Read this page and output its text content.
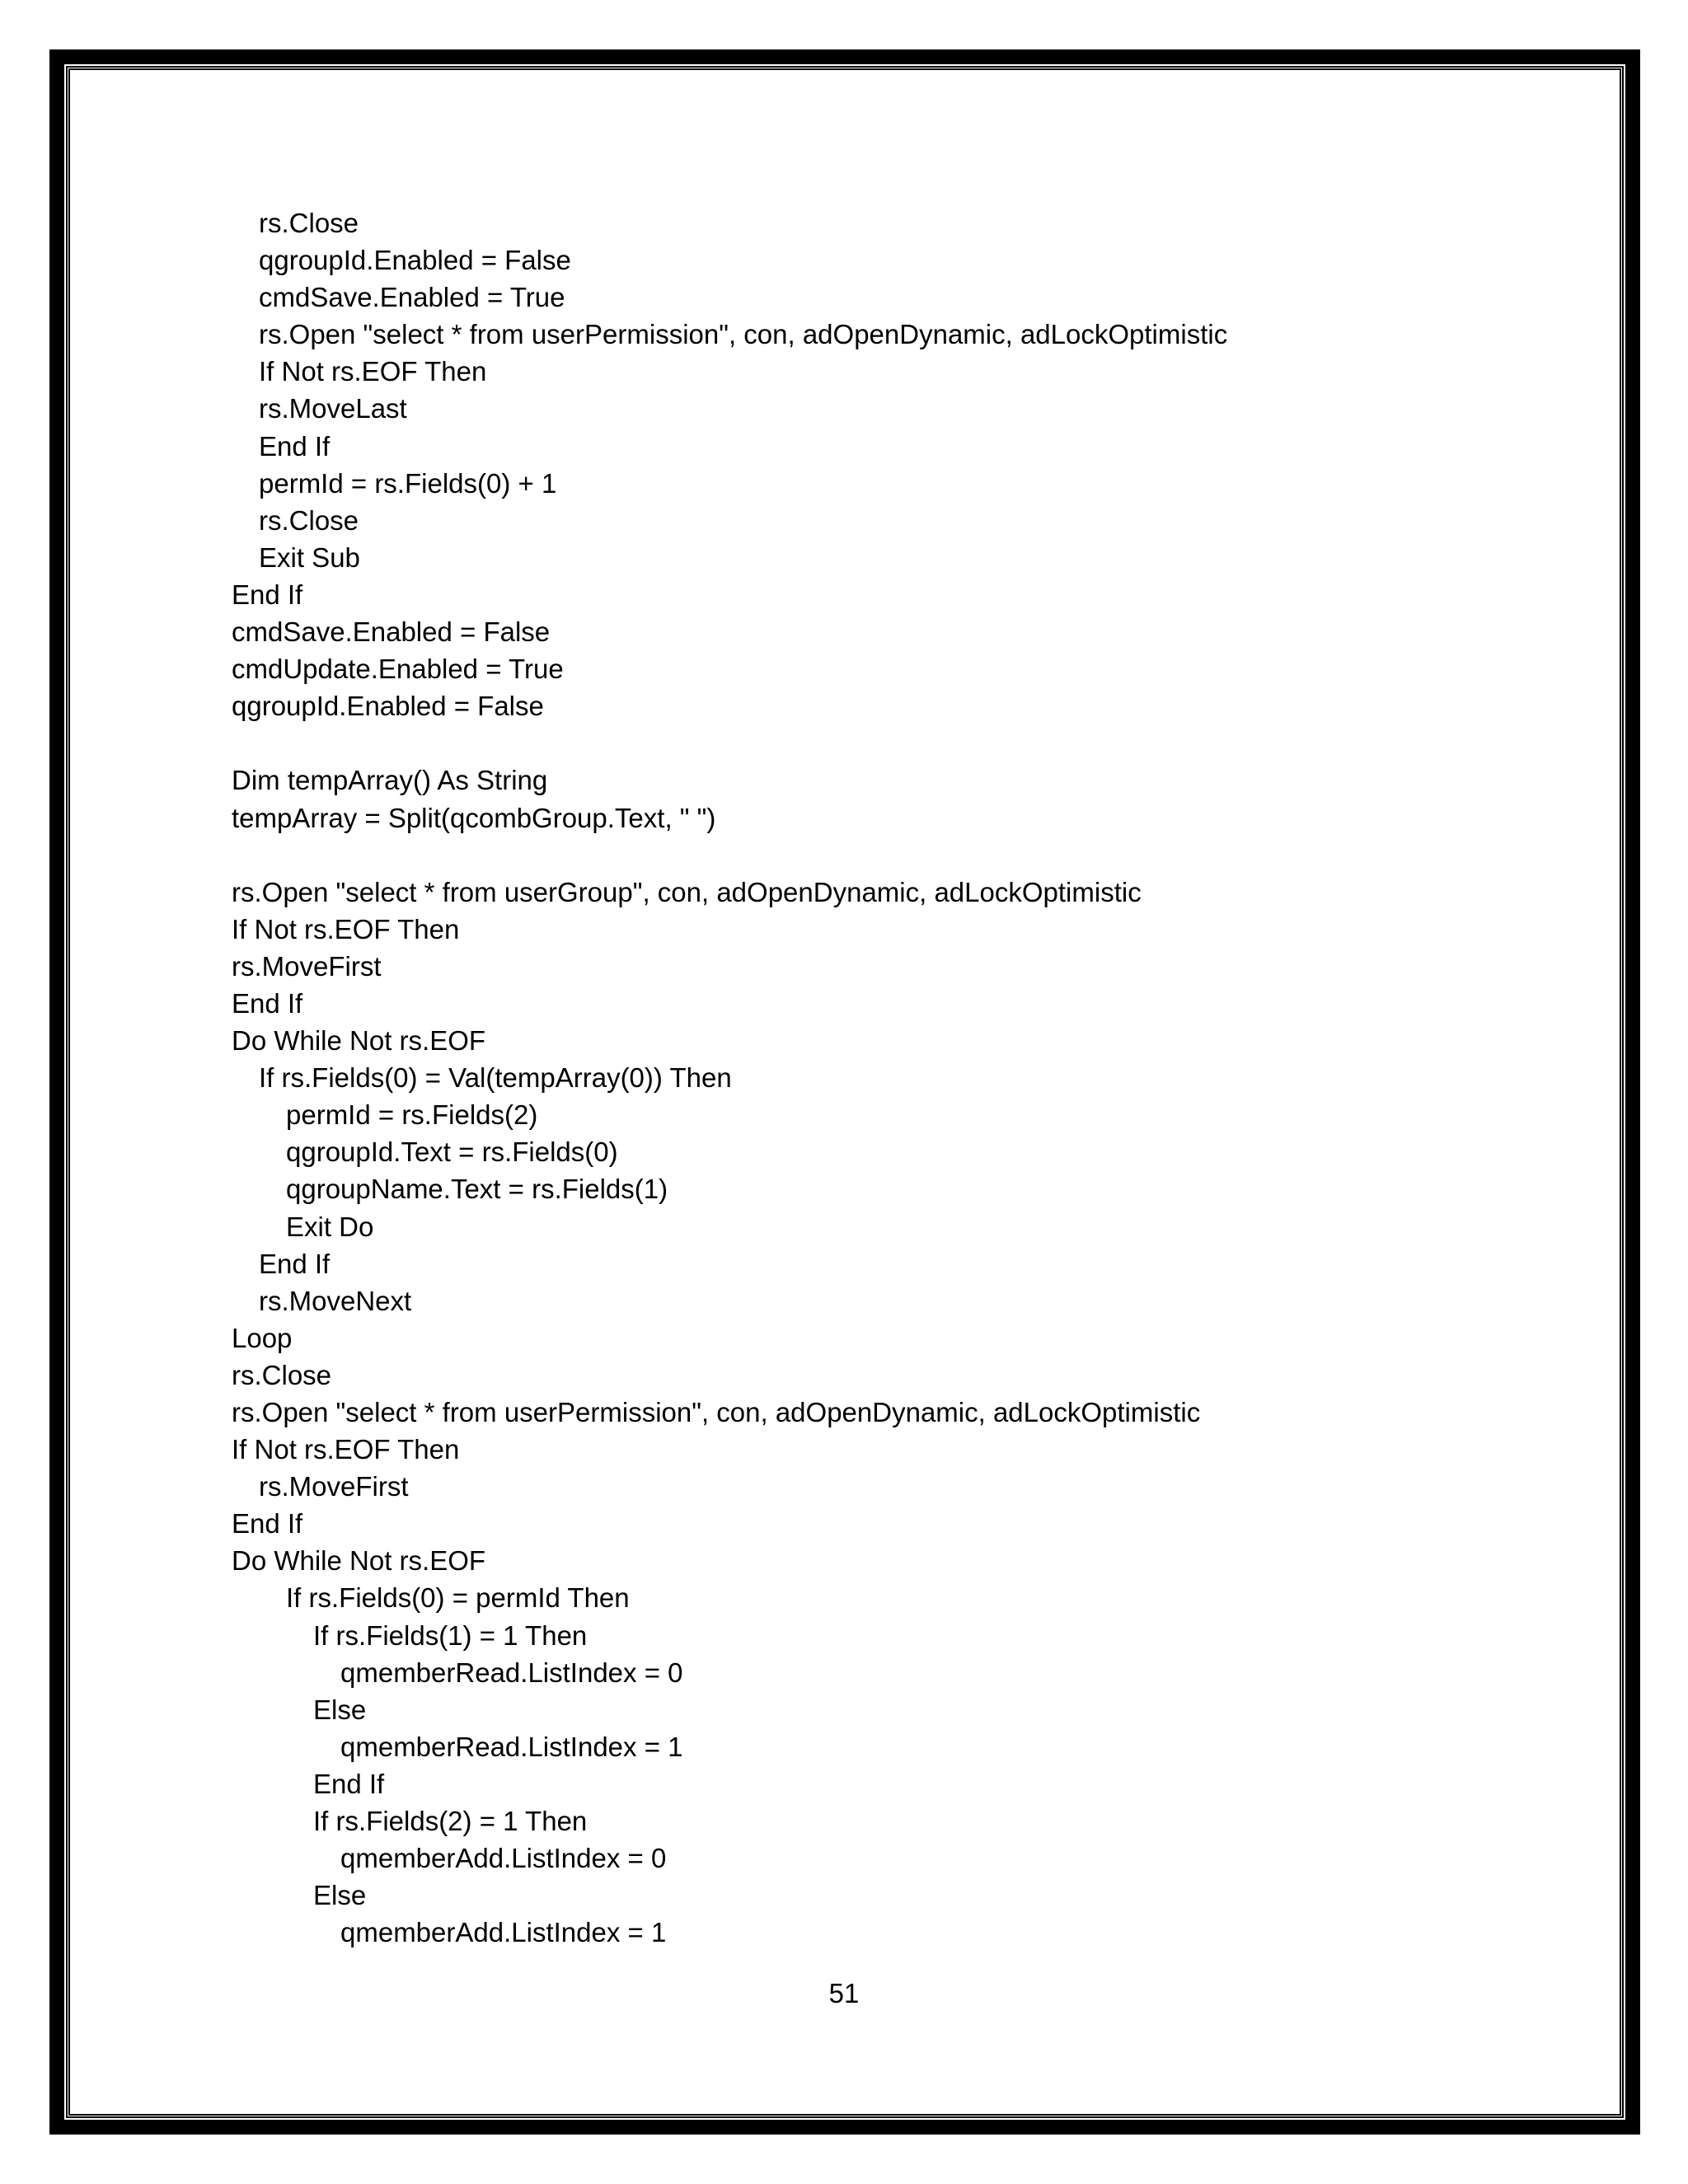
rs.Close
qgroupId.Enabled = False
cmdSave.Enabled = True
rs.Open "select * from userPermission", con, adOpenDynamic, adLockOptimistic
If Not rs.EOF Then
rs.MoveLast
End If
permId = rs.Fields(0) + 1
rs.Close
Exit Sub
End If
cmdSave.Enabled = False
cmdUpdate.Enabled = True
qgroupId.Enabled = False
Dim tempArray() As String
tempArray = Split(qcombGroup.Text, " ")
rs.Open "select * from userGroup", con, adOpenDynamic, adLockOptimistic
If Not rs.EOF Then
rs.MoveFirst
End If
Do While Not rs.EOF
If rs.Fields(0) = Val(tempArray(0)) Then
permId = rs.Fields(2)
qgroupId.Text = rs.Fields(0)
qgroupName.Text = rs.Fields(1)
Exit Do
End If
rs.MoveNext
Loop
rs.Close
rs.Open "select * from userPermission", con, adOpenDynamic, adLockOptimistic
If Not rs.EOF Then
rs.MoveFirst
End If
Do While Not rs.EOF
If rs.Fields(0) = permId Then
If rs.Fields(1) = 1 Then
qmemberRead.ListIndex = 0
Else
qmemberRead.ListIndex = 1
End If
If rs.Fields(2) = 1 Then
qmemberAdd.ListIndex = 0
Else
qmemberAdd.ListIndex = 1
51
